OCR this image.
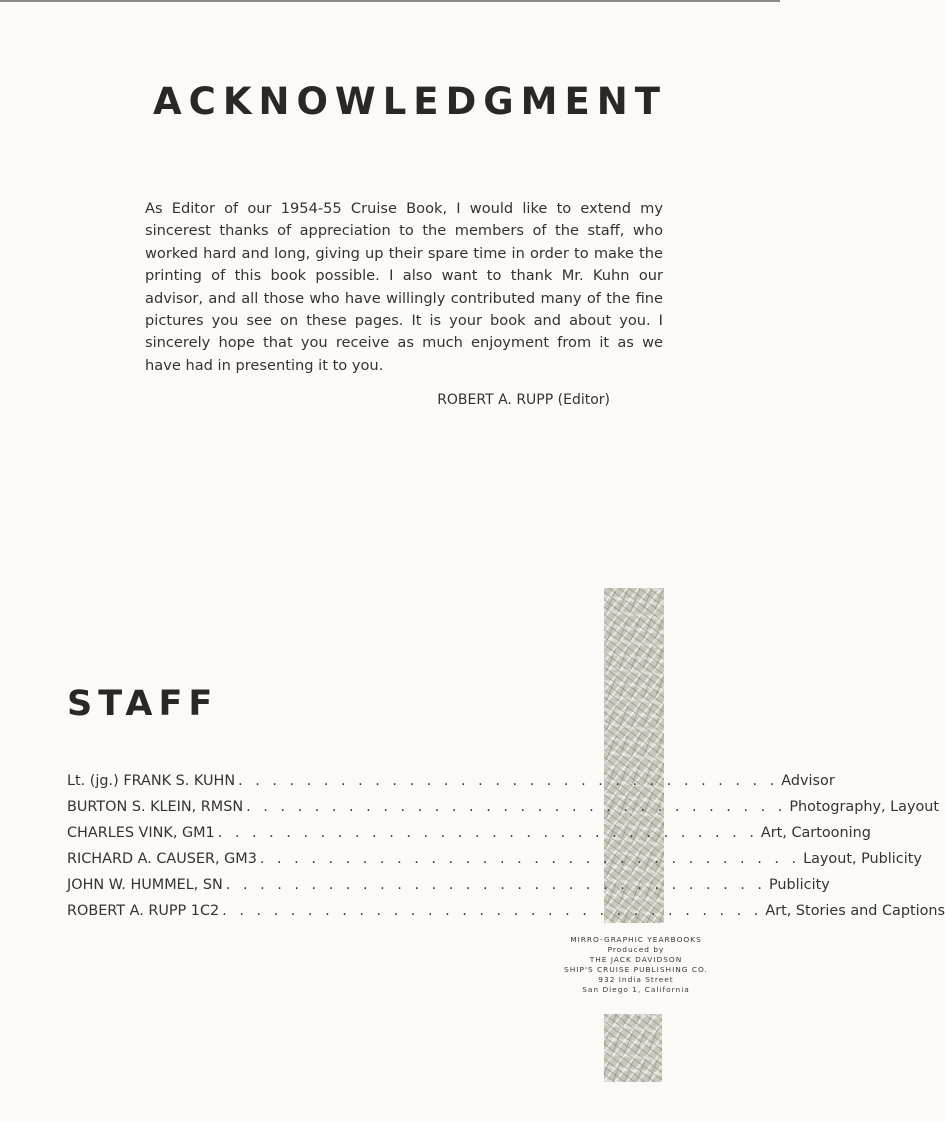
ACKNOWLEDGMENT

As Editor of our 1954-55 Cruise Book, I would like to extend my sincerest thanks of appreciation to the members of the staff, who worked hard and long, giving up their spare time in order to make the printing of this book possible. I also want to thank Mr. Kuhn our advisor, and all those who have willingly contributed many of the fine pictures you see on these pages. It is your book and about you. I sincerely hope that you receive as much enjoyment from it as we have had in presenting it to you.

ROBERT A. RUPP (Editor)
STAFF
Lt. (jg.) FRANK S. KUHN . . . . . . . . . . . . . . . . . . . . . . . . . . . . . . . . Advisor
BURTON S. KLEIN, RMSN . . . . . . . . . . . . . . . . . . . . . . . . . . . . . . . . Photography, Layout
CHARLES VINK, GM1 . . . . . . . . . . . . . . . . . . . . . . . . . . . . . . . . Art, Cartooning
RICHARD A. CAUSER, GM3 . . . . . . . . . . . . . . . . . . . . . . . . . . . . . . . . Layout, Publicity
JOHN W. HUMMEL, SN . . . . . . . . . . . . . . . . . . . . . . . . . . . . . . . . Publicity
ROBERT A. RUPP 1C2 . . . . . . . . . . . . . . . . . . . . . . . . . . . . . . . . Art, Stories and Captions
MIRRO-GRAPHIC YEARBOOKS
Produced by
THE JACK DAVIDSON
SHIP'S CRUISE PUBLISHING CO.
932 India Street
San Diego 1, California
